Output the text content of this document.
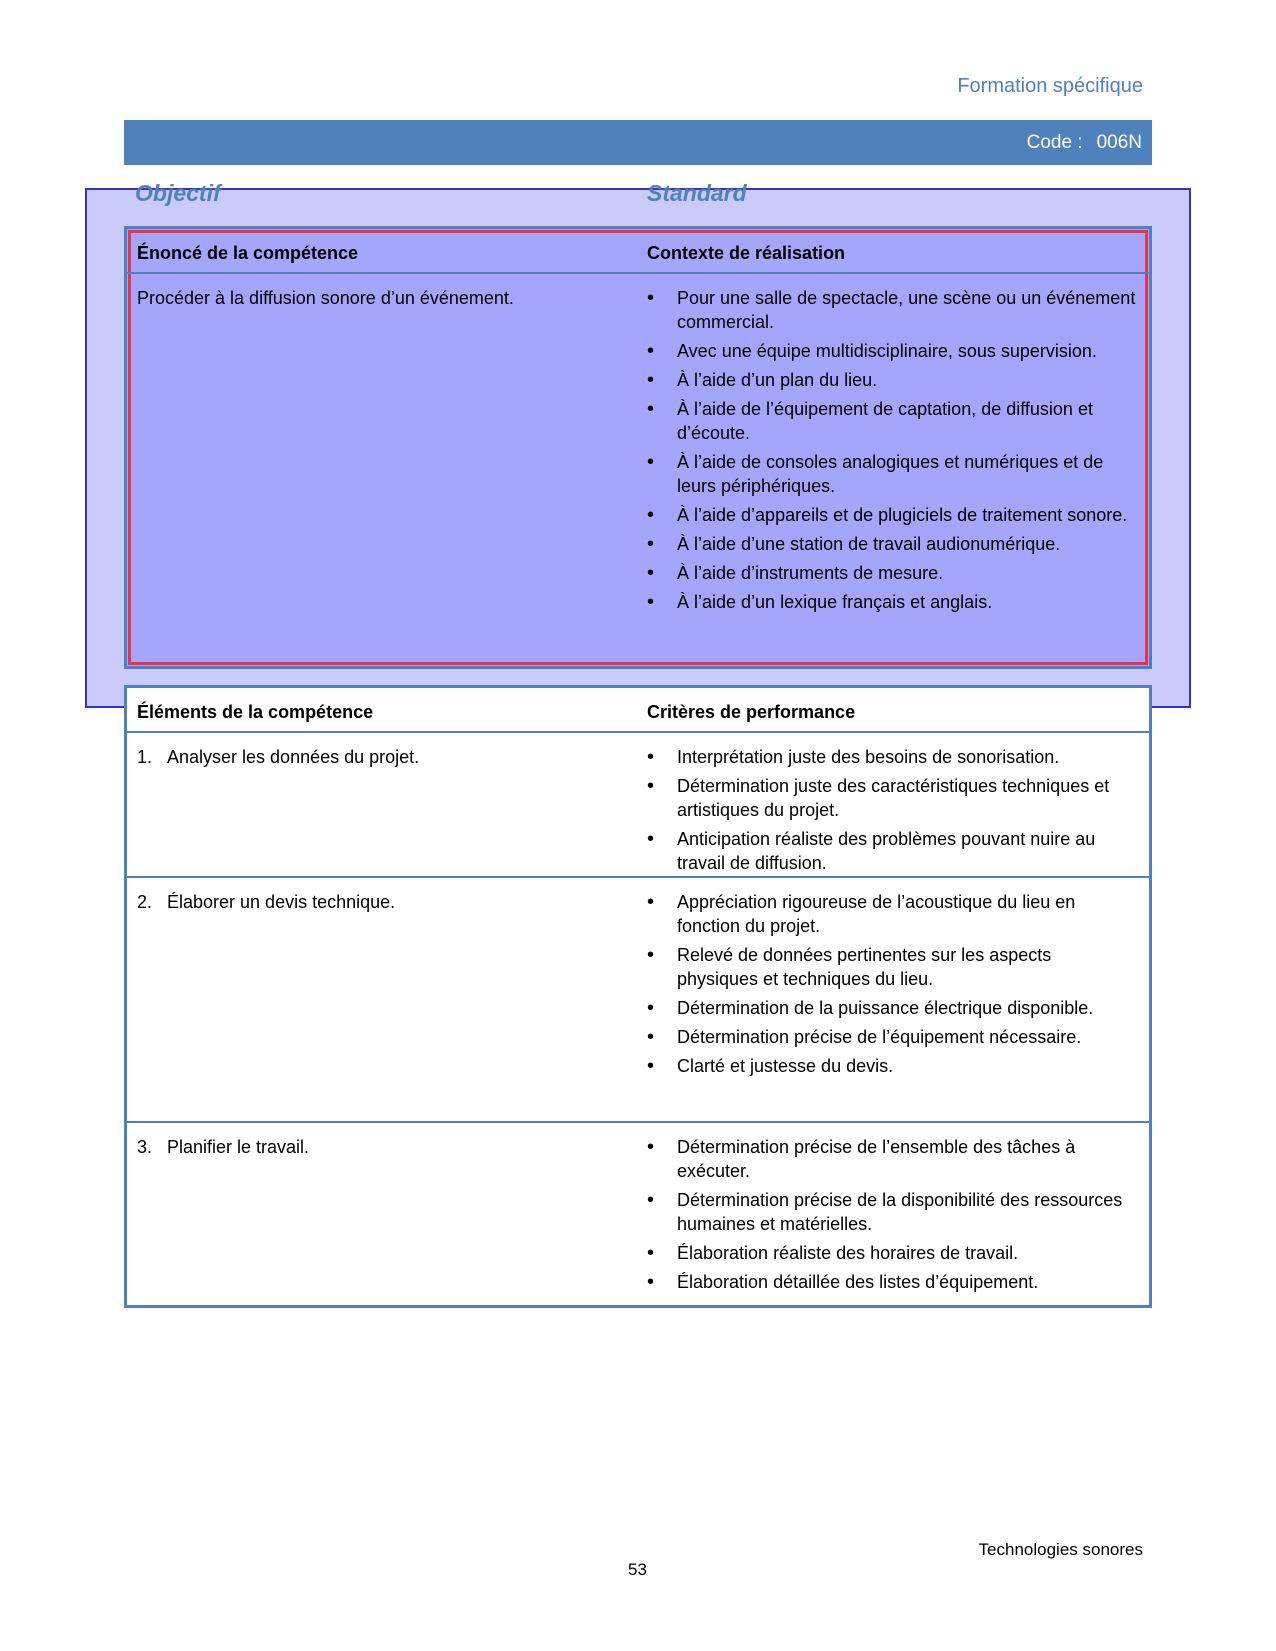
Formation spécifique
Code : 006N
Objectif	Standard
Énoncé de la compétence	Contexte de réalisation
Procéder à la diffusion sonore d’un événement.	• Pour une salle de spectacle, une scène ou un événement commercial.
• Avec une équipe multidisciplinaire, sous supervision.
• À l’aide d’un plan du lieu.
• À l’aide de l’équipement de captation, de diffusion et d’écoute.
• À l’aide de consoles analogiques et numériques et de leurs périphériques.
• À l’aide d’appareils et de plugiciels de traitement sonore.
• À l’aide d’une station de travail audionumérique.
• À l’aide d’instruments de mesure.
• À l’aide d’un lexique français et anglais.
Éléments de la compétence	Critères de performance
1. Analyser les données du projet.	• Interprétation juste des besoins de sonorisation.
• Détermination juste des caractéristiques techniques et artistiques du projet.
• Anticipation réaliste des problèmes pouvant nuire au travail de diffusion.
2. Élaborer un devis technique.	• Appréciation rigoureuse de l’acoustique du lieu en fonction du projet.
• Relevé de données pertinentes sur les aspects physiques et techniques du lieu.
• Détermination de la puissance électrique disponible.
• Détermination précise de l’équipement nécessaire.
• Clarté et justesse du devis.
3. Planifier le travail.	• Détermination précise de l’ensemble des tâches à exécuter.
• Détermination précise de la disponibilité des ressources humaines et matérielles.
• Élaboration réaliste des horaires de travail.
• Élaboration détaillée des listes d’équipement.
Technologies sonores
53
